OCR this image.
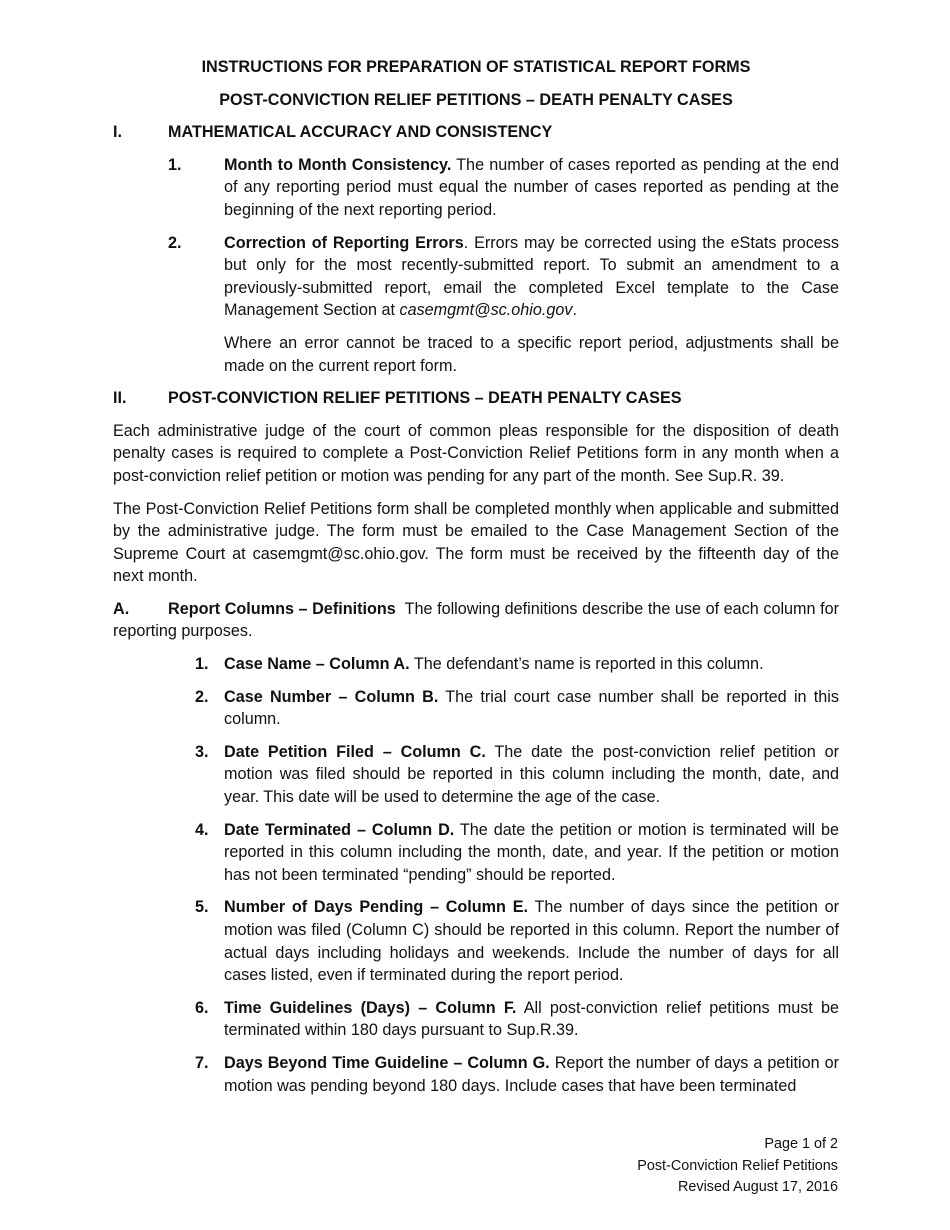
INSTRUCTIONS FOR PREPARATION OF STATISTICAL REPORT FORMS
POST-CONVICTION RELIEF PETITIONS – DEATH PENALTY CASES
I.	MATHEMATICAL ACCURACY AND CONSISTENCY
1.	Month to Month Consistency. The number of cases reported as pending at the end of any reporting period must equal the number of cases reported as pending at the beginning of the next reporting period.
2.	Correction of Reporting Errors. Errors may be corrected using the eStats process but only for the most recently-submitted report. To submit an amendment to a previously-submitted report, email the completed Excel template to the Case Management Section at casemgmt@sc.ohio.gov.
Where an error cannot be traced to a specific report period, adjustments shall be made on the current report form.
II.	POST-CONVICTION RELIEF PETITIONS – DEATH PENALTY CASES
Each administrative judge of the court of common pleas responsible for the disposition of death penalty cases is required to complete a Post-Conviction Relief Petitions form in any month when a post-conviction relief petition or motion was pending for any part of the month. See Sup.R. 39.
The Post-Conviction Relief Petitions form shall be completed monthly when applicable and submitted by the administrative judge. The form must be emailed to the Case Management Section of the Supreme Court at casemgmt@sc.ohio.gov. The form must be received by the fifteenth day of the next month.
A. Report Columns – Definitions  The following definitions describe the use of each column for reporting purposes.
1. Case Name – Column A. The defendant’s name is reported in this column.
2. Case Number – Column B. The trial court case number shall be reported in this column.
3. Date Petition Filed – Column C. The date the post-conviction relief petition or motion was filed should be reported in this column including the month, date, and year. This date will be used to determine the age of the case.
4. Date Terminated – Column D. The date the petition or motion is terminated will be reported in this column including the month, date, and year. If the petition or motion has not been terminated “pending” should be reported.
5. Number of Days Pending – Column E. The number of days since the petition or motion was filed (Column C) should be reported in this column. Report the number of actual days including holidays and weekends. Include the number of days for all cases listed, even if terminated during the report period.
6. Time Guidelines (Days) – Column F. All post-conviction relief petitions must be terminated within 180 days pursuant to Sup.R.39.
7. Days Beyond Time Guideline – Column G. Report the number of days a petition or motion was pending beyond 180 days. Include cases that have been terminated
Page 1 of 2
Post-Conviction Relief Petitions
Revised August 17, 2016
